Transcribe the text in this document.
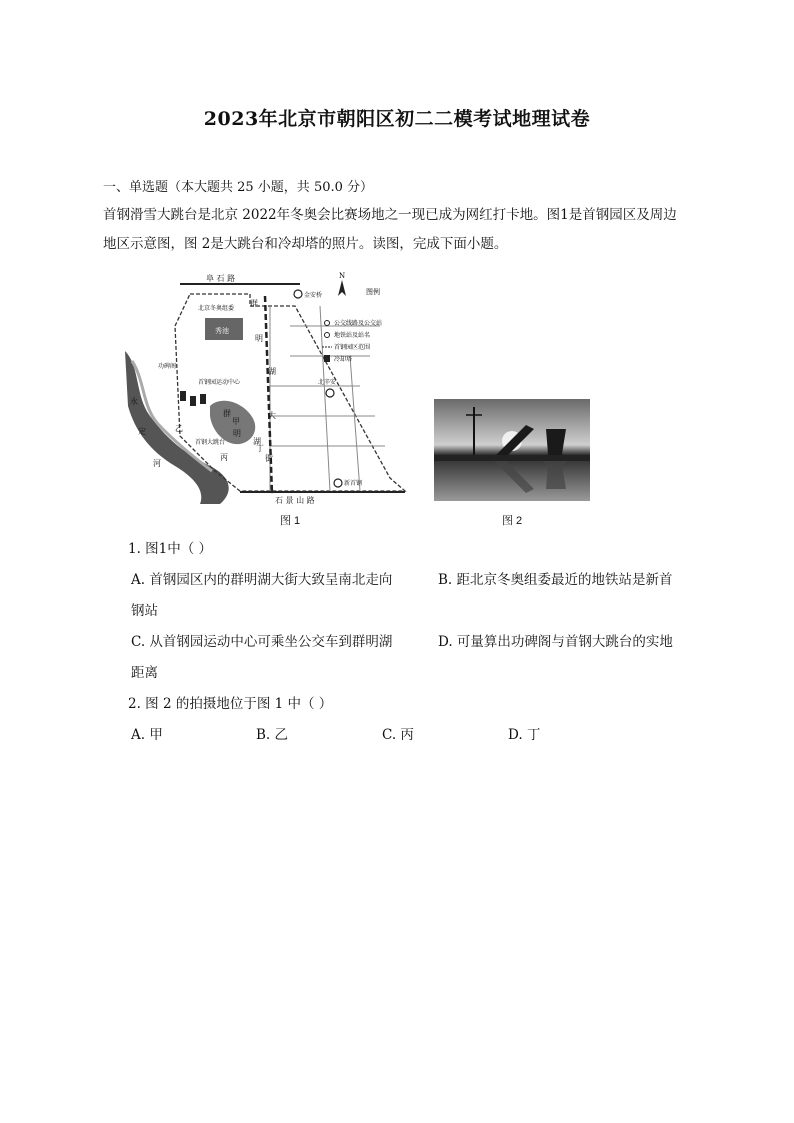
2023年北京市朝阳区初二二模考试地理试卷
一、单选题（本大题共 25 小题，共 50.0 分）
首钢滑雪大跳台是北京 2022年冬奥会比赛场地之一现已成为网红打卡地。图1是首钢园区及周边
地区示意图，图 2是大跳台和冷却塔的照片。读图，完成下面小题。
阜 石 路
石 景 山 路
北京冬奥组委
秀池
功碑阁
首钢园运动中心
首钢大跳台
永
定
河
甲
乙
丙
丁
群
明
湖
群
明
湖
大
街
金安桥
北辛安
新首钢
N
图例
公交线路及公交站
地铁站及站名
首钢园区范围
冷却塔
图 1	图 2
1. 图1中（ ）
A. 首钢园区内的群明湖大街大致呈南北走向	B. 距北京冬奥组委最近的地铁站是新首
钢站
C. 从首钢园运动中心可乘坐公交车到群明湖	D. 可量算出功碑阁与首钢大跳台的实地
距离
2. 图 2 的拍摄地位于图 1 中（ ）
A. 甲	B. 乙	C. 丙	D. 丁
